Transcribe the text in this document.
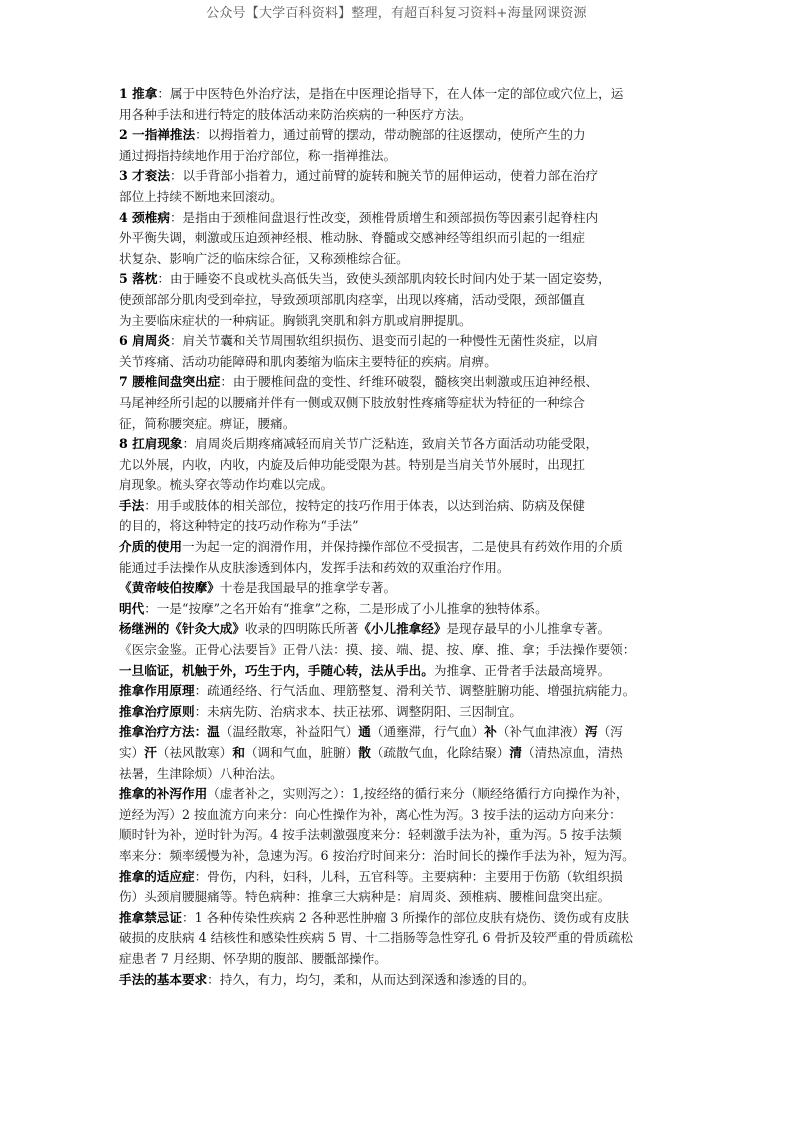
公众号【大学百科资料】整理，有超百科复习资料+海量网课资源

1 推拿：属于中医特色外治疗法，是指在中医理论指导下，在人体一定的部位或穴位上，运

用各种手法和进行特定的肢体活动来防治疾病的一种医疗方法。

2 一指禅推法：以拇指着力，通过前臂的摆动，带动腕部的往返摆动，使所产生的力

通过拇指持续地作用于治疗部位，称一指禅推法。

3 才衮法：以手背部小指着力，通过前臂的旋转和腕关节的屈伸运动，使着力部在治疗

部位上持续不断地来回滚动。

4 颈椎病：是指由于颈椎间盘退行性改变，颈椎骨质增生和颈部损伤等因素引起脊柱内

外平衡失调，刺激或压迫颈神经根、椎动脉、脊髓或交感神经等组织而引起的一组症

状复杂、影响广泛的临床综合征，又称颈椎综合征。

5 落枕：由于睡姿不良或枕头高低失当，致使头颈部肌肉较长时间内处于某一固定姿势，

使颈部部分肌肉受到牵拉，导致颈项部肌肉痉挛，出现以疼痛，活动受限，颈部僵直

为主要临床症状的一种病证。胸锁乳突肌和斜方肌或肩胛提肌。

6 肩周炎：肩关节囊和关节周围软组织损伤、退变而引起的一种慢性无菌性炎症，以肩

关节疼痛、活动功能障碍和肌肉萎缩为临床主要特征的疾病。肩痹。

7 腰椎间盘突出症：由于腰椎间盘的变性、纤维环破裂，髓核突出刺激或压迫神经根、

马尾神经所引起的以腰痛并伴有一侧或双侧下肢放射性疼痛等症状为特征的一种综合

征，简称腰突症。痹证，腰痛。

8 扛肩现象：肩周炎后期疼痛减轻而肩关节广泛粘连，致肩关节各方面活动功能受限，

尤以外展，内收，内收，内旋及后伸功能受限为甚。特别是当肩关节外展时，出现扛

肩现象。梳头穿衣等动作均难以完成。

手法：用手或肢体的相关部位，按特定的技巧作用于体表，以达到治病、防病及保健

的目的，将这种特定的技巧动作称为“手法”

介质的使用一为起一定的润滑作用，并保持操作部位不受损害，二是使具有药效作用的介质

能通过手法操作从皮肤渗透到体内，发挥手法和药效的双重治疗作用。

《黄帝岐伯按摩》十卷是我国最早的推拿学专著。

明代：一是“按摩”之名开始有“推拿”之称，二是形成了小儿推拿的独特体系。

杨继洲的《针灸大成》收录的四明陈氏所著《小儿推拿经》是现存最早的小儿推拿专著。

《医宗金鉴。正骨心法要旨》正骨八法：摸、接、端、提、按、摩、推、拿；手法操作要领：

一旦临证，机触于外，巧生于内，手随心转，法从手出。为推拿、正骨者手法最高境界。

推拿作用原理：疏通经络、行气活血、理筋整复、滑利关节、调整脏腑功能、增强抗病能力。

推拿治疗原则：未病先防、治病求本、扶正祛邪、调整阴阳、三因制宜。

推拿治疗方法：温（温经散寒，补益阳气）通（通壅滞，行气血）补（补气血津液）泻（泻

实）汗（祛风散寒）和（调和气血，脏腑）散（疏散气血，化除结聚）清（清热凉血，清热

祛暑，生津除烦）八种治法。

推拿的补泻作用（虚者补之，实则泻之）：1,按经络的循行来分（顺经络循行方向操作为补，

逆经为泻）2 按血流方向来分：向心性操作为补，离心性为泻。3 按手法的运动方向来分：

顺时针为补，逆时针为泻。4 按手法刺激强度来分：轻刺激手法为补，重为泻。5 按手法频

率来分：频率缓慢为补，急速为泻。6 按治疗时间来分：治时间长的操作手法为补，短为泻。

推拿的适应症：骨伤，内科，妇科，儿科，五官科等。主要病种：主要用于伤筋（软组织损

伤）头颈肩腰腿痛等。特色病种：推拿三大病种是：肩周炎、颈椎病、腰椎间盘突出症。

推拿禁忌证：1 各种传染性疾病 2 各种恶性肿瘤 3 所操作的部位皮肤有烧伤、烫伤或有皮肤

破损的皮肤病 4 结核性和感染性疾病 5 胃、十二指肠等急性穿孔 6 骨折及较严重的骨质疏松

症患者 7 月经期、怀孕期的腹部、腰骶部操作。

手法的基本要求：持久，有力，均匀，柔和，从而达到深透和渗透的目的。
